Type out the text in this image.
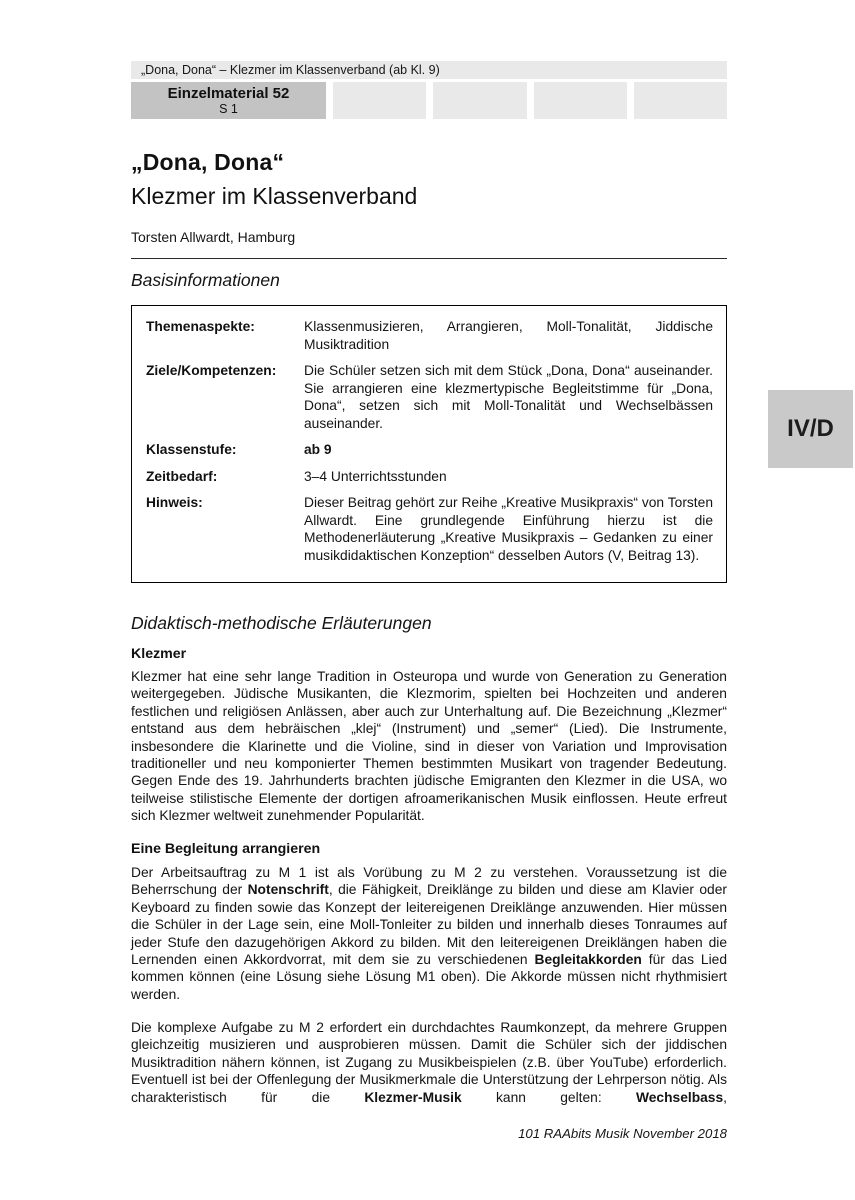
„Dona, Dona“ – Klezmer im Klassenverband (ab Kl. 9)
Einzelmaterial 52
S 1
„Dona, Dona“
Klezmer im Klassenverband
Torsten Allwardt, Hamburg
Basisinformationen
Themenaspekte:	Klassenmusizieren, Arrangieren, Moll-Tonalität, Jiddische Musiktradition
Ziele/Kompetenzen:	Die Schüler setzen sich mit dem Stück „Dona, Dona“ auseinander. Sie arrangieren eine klezmertypische Begleitstimme für „Dona, Dona“, setzen sich mit Moll-Tonalität und Wechselbässen auseinander.
Klassenstufe:	ab 9
Zeitbedarf:	3–4 Unterrichtsstunden
Hinweis:	Dieser Beitrag gehört zur Reihe „Kreative Musikpraxis“ von Torsten Allwardt. Eine grundlegende Einführung hierzu ist die Methodenerläuterung „Kreative Musikpraxis – Gedanken zu einer musikdidaktischen Konzeption“ desselben Autors (V, Beitrag 13).
IV/D
Didaktisch-methodische Erläuterungen
Klezmer

Klezmer hat eine sehr lange Tradition in Osteuropa und wurde von Generation zu Generation weitergegeben. Jüdische Musikanten, die Klezmorim, spielten bei Hochzeiten und anderen festlichen und religiösen Anlässen, aber auch zur Unterhaltung auf. Die Bezeichnung „Klezmer“ entstand aus dem hebräischen „klej“ (Instrument) und „semer“ (Lied). Die Instrumente, insbesondere die Klarinette und die Violine, sind in dieser von Variation und Improvisation traditioneller und neu komponierter Themen bestimmten Musikart von tragender Bedeutung. Gegen Ende des 19. Jahrhunderts brachten jüdische Emigranten den Klezmer in die USA, wo teilweise stilistische Elemente der dortigen afroamerikanischen Musik einflossen. Heute erfreut sich Klezmer weltweit zunehmender Popularität.

Eine Begleitung arrangieren

Der Arbeitsauftrag zu M 1 ist als Vorübung zu M 2 zu verstehen. Voraussetzung ist die Beherrschung der Notenschrift, die Fähigkeit, Dreiklänge zu bilden und diese am Klavier oder Keyboard zu finden sowie das Konzept der leitereigenen Dreiklänge anzuwenden. Hier müssen die Schüler in der Lage sein, eine Moll-Tonleiter zu bilden und innerhalb dieses Tonraumes auf jeder Stufe den dazugehörigen Akkord zu bilden. Mit den leitereigenen Dreiklängen haben die Lernenden einen Akkordvorrat, mit dem sie zu verschiedenen Begleitakkorden für das Lied kommen können (eine Lösung siehe Lösung M1 oben). Die Akkorde müssen nicht rhythmisiert werden.

Die komplexe Aufgabe zu M 2 erfordert ein durchdachtes Raumkonzept, da mehrere Gruppen gleichzeitig musizieren und ausprobieren müssen. Damit die Schüler sich der jiddischen Musiktradition nähern können, ist Zugang zu Musikbeispielen (z.B. über YouTube) erforderlich. Eventuell ist bei der Offenlegung der Musikmerkmale die Unterstützung der Lehrperson nötig. Als charakteristisch für die Klezmer-Musik kann gelten: Wechselbass,

101 RAAbits Musik November 2018
